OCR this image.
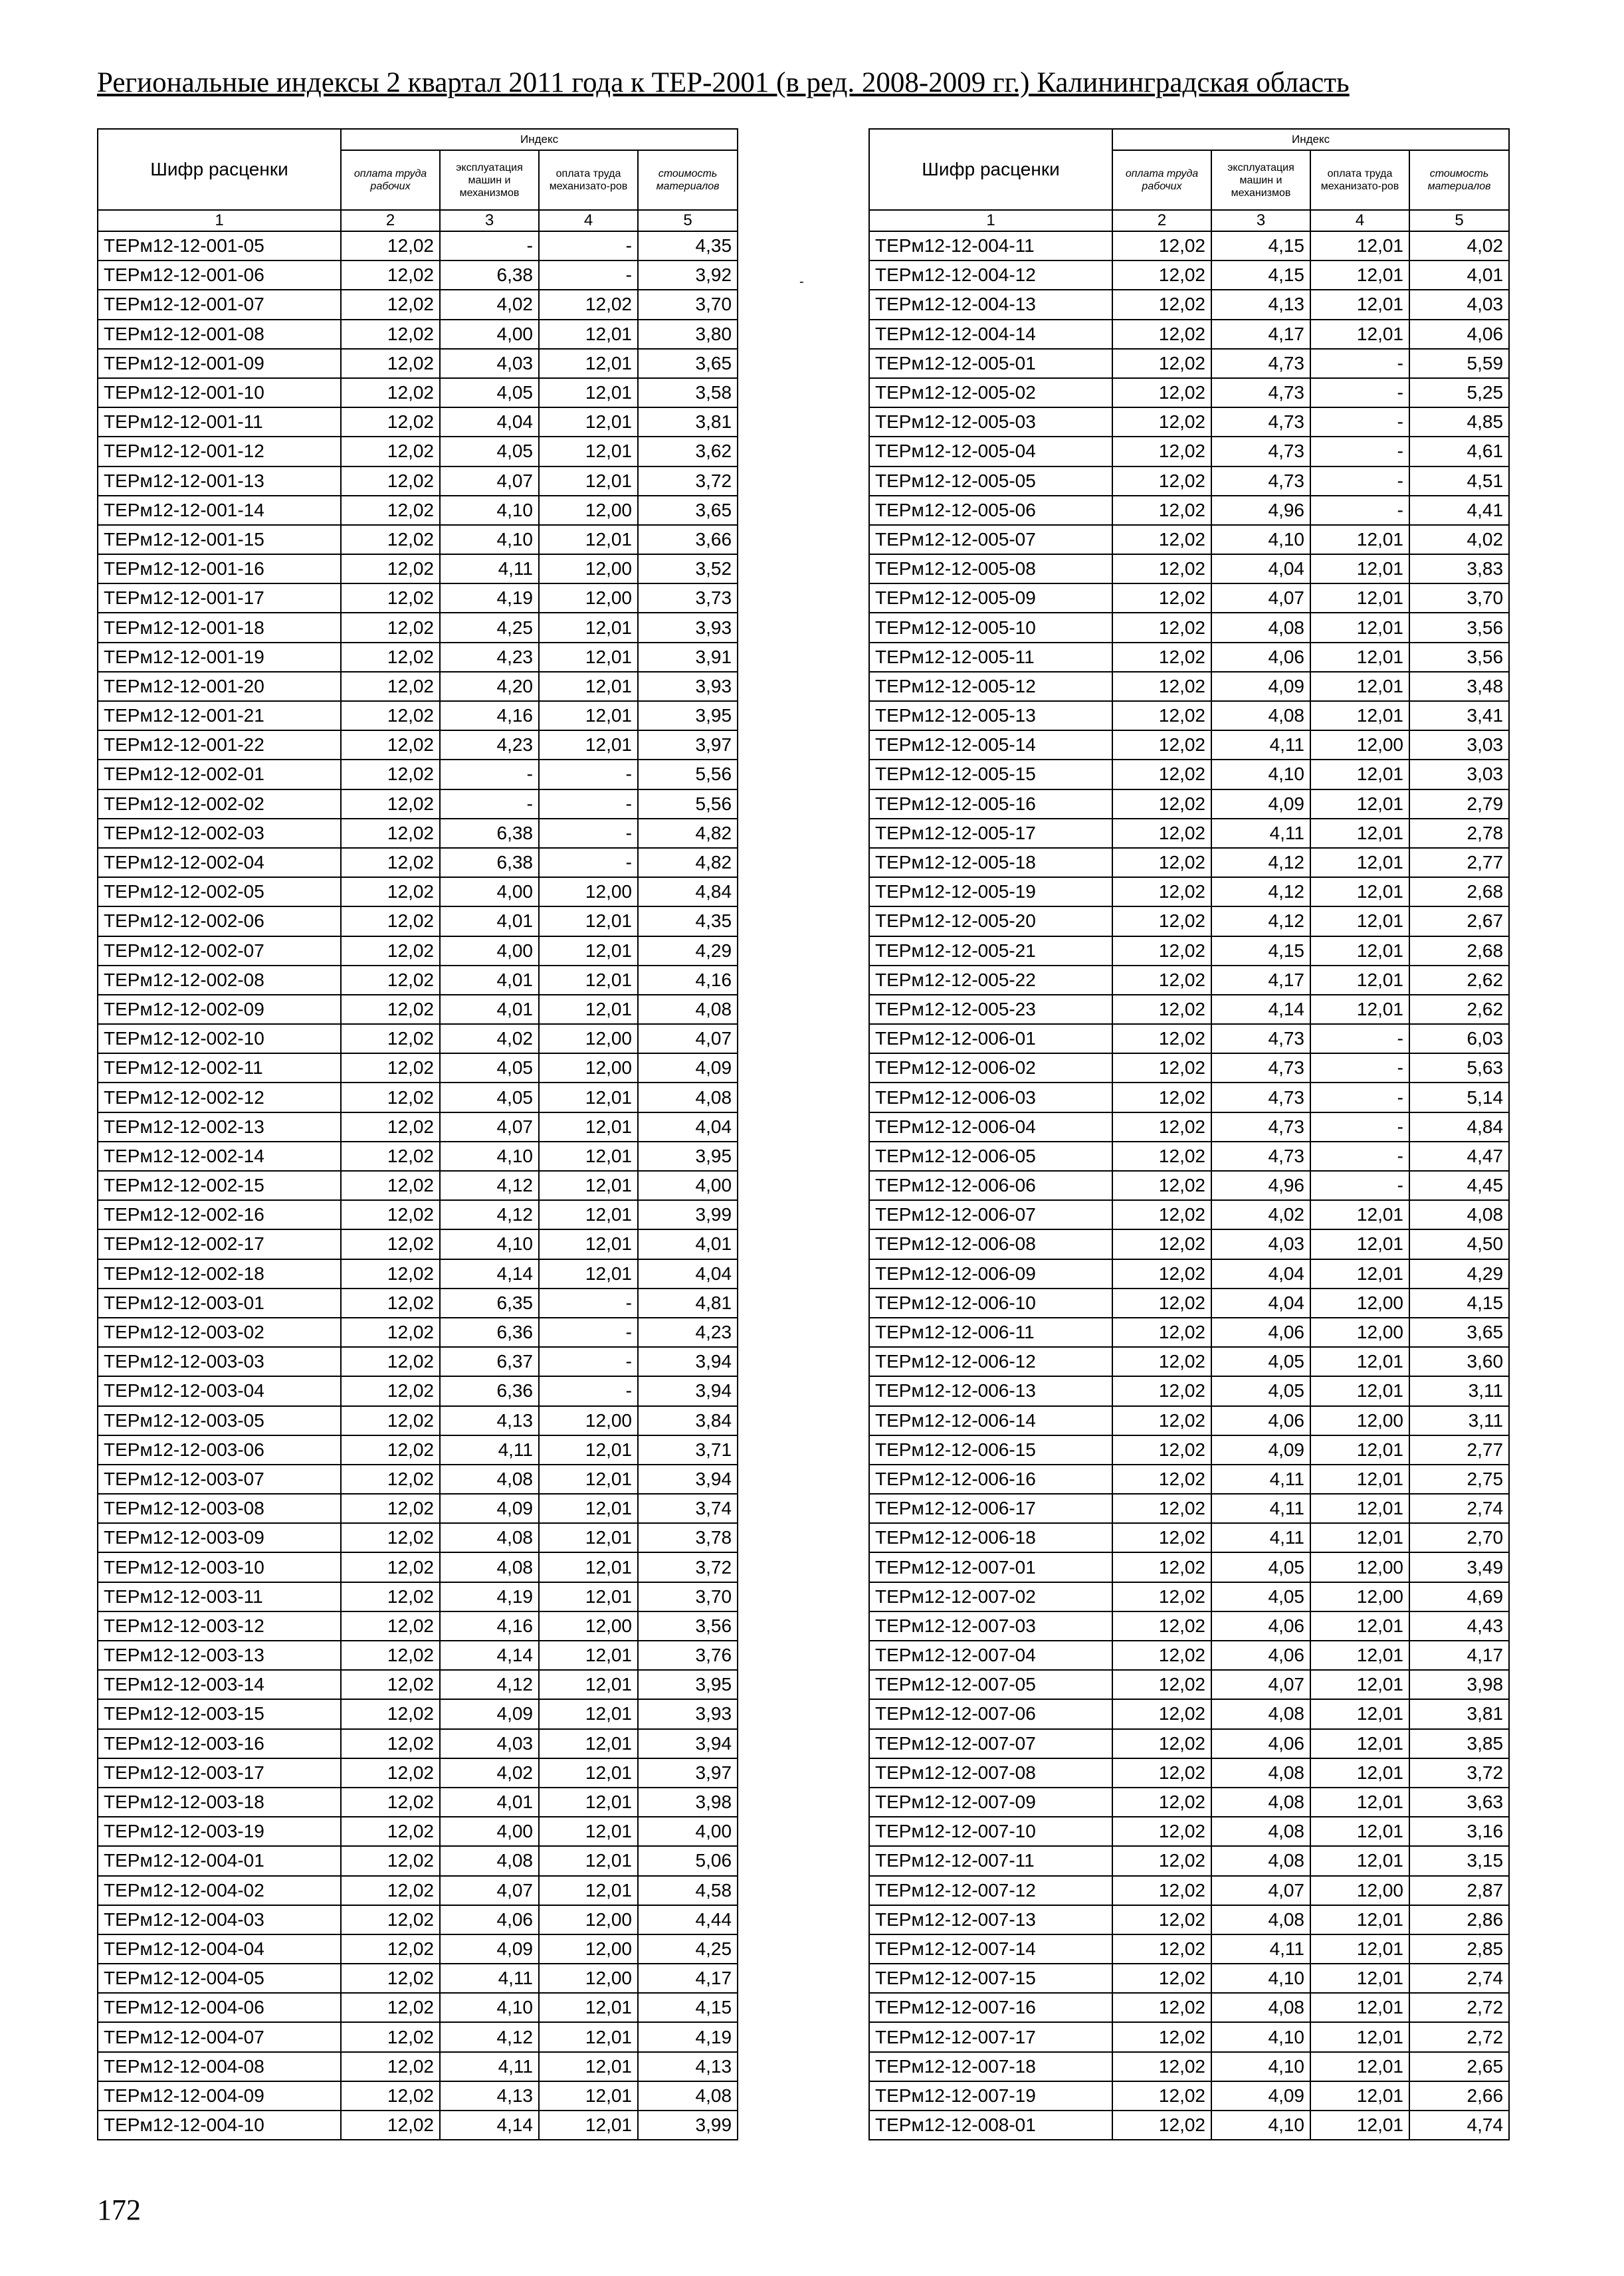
Региональные индексы 2 квартал 2011 года к ТЕР-2001 (в ред. 2008-2009 гг.) Калининградская область
-
Шифр расценки	Индекс			
	оплата труда рабочих	эксплуатация машин и механизмов	оплата труда механизато-ров	стоимость материалов
1	2	3	4	5
ТЕРм12-12-001-05	12,02	-	-	4,35
ТЕРм12-12-001-06	12,02	6,38	-	3,92
ТЕРм12-12-001-07	12,02	4,02	12,02	3,70
ТЕРм12-12-001-08	12,02	4,00	12,01	3,80
ТЕРм12-12-001-09	12,02	4,03	12,01	3,65
ТЕРм12-12-001-10	12,02	4,05	12,01	3,58
ТЕРм12-12-001-11	12,02	4,04	12,01	3,81
ТЕРм12-12-001-12	12,02	4,05	12,01	3,62
ТЕРм12-12-001-13	12,02	4,07	12,01	3,72
ТЕРм12-12-001-14	12,02	4,10	12,00	3,65
ТЕРм12-12-001-15	12,02	4,10	12,01	3,66
ТЕРм12-12-001-16	12,02	4,11	12,00	3,52
ТЕРм12-12-001-17	12,02	4,19	12,00	3,73
ТЕРм12-12-001-18	12,02	4,25	12,01	3,93
ТЕРм12-12-001-19	12,02	4,23	12,01	3,91
ТЕРм12-12-001-20	12,02	4,20	12,01	3,93
ТЕРм12-12-001-21	12,02	4,16	12,01	3,95
ТЕРм12-12-001-22	12,02	4,23	12,01	3,97
ТЕРм12-12-002-01	12,02	-	-	5,56
ТЕРм12-12-002-02	12,02	-	-	5,56
ТЕРм12-12-002-03	12,02	6,38	-	4,82
ТЕРм12-12-002-04	12,02	6,38	-	4,82
ТЕРм12-12-002-05	12,02	4,00	12,00	4,84
ТЕРм12-12-002-06	12,02	4,01	12,01	4,35
ТЕРм12-12-002-07	12,02	4,00	12,01	4,29
ТЕРм12-12-002-08	12,02	4,01	12,01	4,16
ТЕРм12-12-002-09	12,02	4,01	12,01	4,08
ТЕРм12-12-002-10	12,02	4,02	12,00	4,07
ТЕРм12-12-002-11	12,02	4,05	12,00	4,09
ТЕРм12-12-002-12	12,02	4,05	12,01	4,08
ТЕРм12-12-002-13	12,02	4,07	12,01	4,04
ТЕРм12-12-002-14	12,02	4,10	12,01	3,95
ТЕРм12-12-002-15	12,02	4,12	12,01	4,00
ТЕРм12-12-002-16	12,02	4,12	12,01	3,99
ТЕРм12-12-002-17	12,02	4,10	12,01	4,01
ТЕРм12-12-002-18	12,02	4,14	12,01	4,04
ТЕРм12-12-003-01	12,02	6,35	-	4,81
ТЕРм12-12-003-02	12,02	6,36	-	4,23
ТЕРм12-12-003-03	12,02	6,37	-	3,94
ТЕРм12-12-003-04	12,02	6,36	-	3,94
ТЕРм12-12-003-05	12,02	4,13	12,00	3,84
ТЕРм12-12-003-06	12,02	4,11	12,01	3,71
ТЕРм12-12-003-07	12,02	4,08	12,01	3,94
ТЕРм12-12-003-08	12,02	4,09	12,01	3,74
ТЕРм12-12-003-09	12,02	4,08	12,01	3,78
ТЕРм12-12-003-10	12,02	4,08	12,01	3,72
ТЕРм12-12-003-11	12,02	4,19	12,01	3,70
ТЕРм12-12-003-12	12,02	4,16	12,00	3,56
ТЕРм12-12-003-13	12,02	4,14	12,01	3,76
ТЕРм12-12-003-14	12,02	4,12	12,01	3,95
ТЕРм12-12-003-15	12,02	4,09	12,01	3,93
ТЕРм12-12-003-16	12,02	4,03	12,01	3,94
ТЕРм12-12-003-17	12,02	4,02	12,01	3,97
ТЕРм12-12-003-18	12,02	4,01	12,01	3,98
ТЕРм12-12-003-19	12,02	4,00	12,01	4,00
ТЕРм12-12-004-01	12,02	4,08	12,01	5,06
ТЕРм12-12-004-02	12,02	4,07	12,01	4,58
ТЕРм12-12-004-03	12,02	4,06	12,00	4,44
ТЕРм12-12-004-04	12,02	4,09	12,00	4,25
ТЕРм12-12-004-05	12,02	4,11	12,00	4,17
ТЕРм12-12-004-06	12,02	4,10	12,01	4,15
ТЕРм12-12-004-07	12,02	4,12	12,01	4,19
ТЕРм12-12-004-08	12,02	4,11	12,01	4,13
ТЕРм12-12-004-09	12,02	4,13	12,01	4,08
ТЕРм12-12-004-10	12,02	4,14	12,01	3,99
Шифр расценки	Индекс			
	оплата труда рабочих	эксплуатация машин и механизмов	оплата труда механизато-ров	стоимость материалов
1	2	3	4	5
ТЕРм12-12-004-11	12,02	4,15	12,01	4,02
ТЕРм12-12-004-12	12,02	4,15	12,01	4,01
ТЕРм12-12-004-13	12,02	4,13	12,01	4,03
ТЕРм12-12-004-14	12,02	4,17	12,01	4,06
ТЕРм12-12-005-01	12,02	4,73	-	5,59
ТЕРм12-12-005-02	12,02	4,73	-	5,25
ТЕРм12-12-005-03	12,02	4,73	-	4,85
ТЕРм12-12-005-04	12,02	4,73	-	4,61
ТЕРм12-12-005-05	12,02	4,73	-	4,51
ТЕРм12-12-005-06	12,02	4,96	-	4,41
ТЕРм12-12-005-07	12,02	4,10	12,01	4,02
ТЕРм12-12-005-08	12,02	4,04	12,01	3,83
ТЕРм12-12-005-09	12,02	4,07	12,01	3,70
ТЕРм12-12-005-10	12,02	4,08	12,01	3,56
ТЕРм12-12-005-11	12,02	4,06	12,01	3,56
ТЕРм12-12-005-12	12,02	4,09	12,01	3,48
ТЕРм12-12-005-13	12,02	4,08	12,01	3,41
ТЕРм12-12-005-14	12,02	4,11	12,00	3,03
ТЕРм12-12-005-15	12,02	4,10	12,01	3,03
ТЕРм12-12-005-16	12,02	4,09	12,01	2,79
ТЕРм12-12-005-17	12,02	4,11	12,01	2,78
ТЕРм12-12-005-18	12,02	4,12	12,01	2,77
ТЕРм12-12-005-19	12,02	4,12	12,01	2,68
ТЕРм12-12-005-20	12,02	4,12	12,01	2,67
ТЕРм12-12-005-21	12,02	4,15	12,01	2,68
ТЕРм12-12-005-22	12,02	4,17	12,01	2,62
ТЕРм12-12-005-23	12,02	4,14	12,01	2,62
ТЕРм12-12-006-01	12,02	4,73	-	6,03
ТЕРм12-12-006-02	12,02	4,73	-	5,63
ТЕРм12-12-006-03	12,02	4,73	-	5,14
ТЕРм12-12-006-04	12,02	4,73	-	4,84
ТЕРм12-12-006-05	12,02	4,73	-	4,47
ТЕРм12-12-006-06	12,02	4,96	-	4,45
ТЕРм12-12-006-07	12,02	4,02	12,01	4,08
ТЕРм12-12-006-08	12,02	4,03	12,01	4,50
ТЕРм12-12-006-09	12,02	4,04	12,01	4,29
ТЕРм12-12-006-10	12,02	4,04	12,00	4,15
ТЕРм12-12-006-11	12,02	4,06	12,00	3,65
ТЕРм12-12-006-12	12,02	4,05	12,01	3,60
ТЕРм12-12-006-13	12,02	4,05	12,01	3,11
ТЕРм12-12-006-14	12,02	4,06	12,00	3,11
ТЕРм12-12-006-15	12,02	4,09	12,01	2,77
ТЕРм12-12-006-16	12,02	4,11	12,01	2,75
ТЕРм12-12-006-17	12,02	4,11	12,01	2,74
ТЕРм12-12-006-18	12,02	4,11	12,01	2,70
ТЕРм12-12-007-01	12,02	4,05	12,00	3,49
ТЕРм12-12-007-02	12,02	4,05	12,00	4,69
ТЕРм12-12-007-03	12,02	4,06	12,01	4,43
ТЕРм12-12-007-04	12,02	4,06	12,01	4,17
ТЕРм12-12-007-05	12,02	4,07	12,01	3,98
ТЕРм12-12-007-06	12,02	4,08	12,01	3,81
ТЕРм12-12-007-07	12,02	4,06	12,01	3,85
ТЕРм12-12-007-08	12,02	4,08	12,01	3,72
ТЕРм12-12-007-09	12,02	4,08	12,01	3,63
ТЕРм12-12-007-10	12,02	4,08	12,01	3,16
ТЕРм12-12-007-11	12,02	4,08	12,01	3,15
ТЕРм12-12-007-12	12,02	4,07	12,00	2,87
ТЕРм12-12-007-13	12,02	4,08	12,01	2,86
ТЕРм12-12-007-14	12,02	4,11	12,01	2,85
ТЕРм12-12-007-15	12,02	4,10	12,01	2,74
ТЕРм12-12-007-16	12,02	4,08	12,01	2,72
ТЕРм12-12-007-17	12,02	4,10	12,01	2,72
ТЕРм12-12-007-18	12,02	4,10	12,01	2,65
ТЕРм12-12-007-19	12,02	4,09	12,01	2,66
ТЕРм12-12-008-01	12,02	4,10	12,01	4,74
172
